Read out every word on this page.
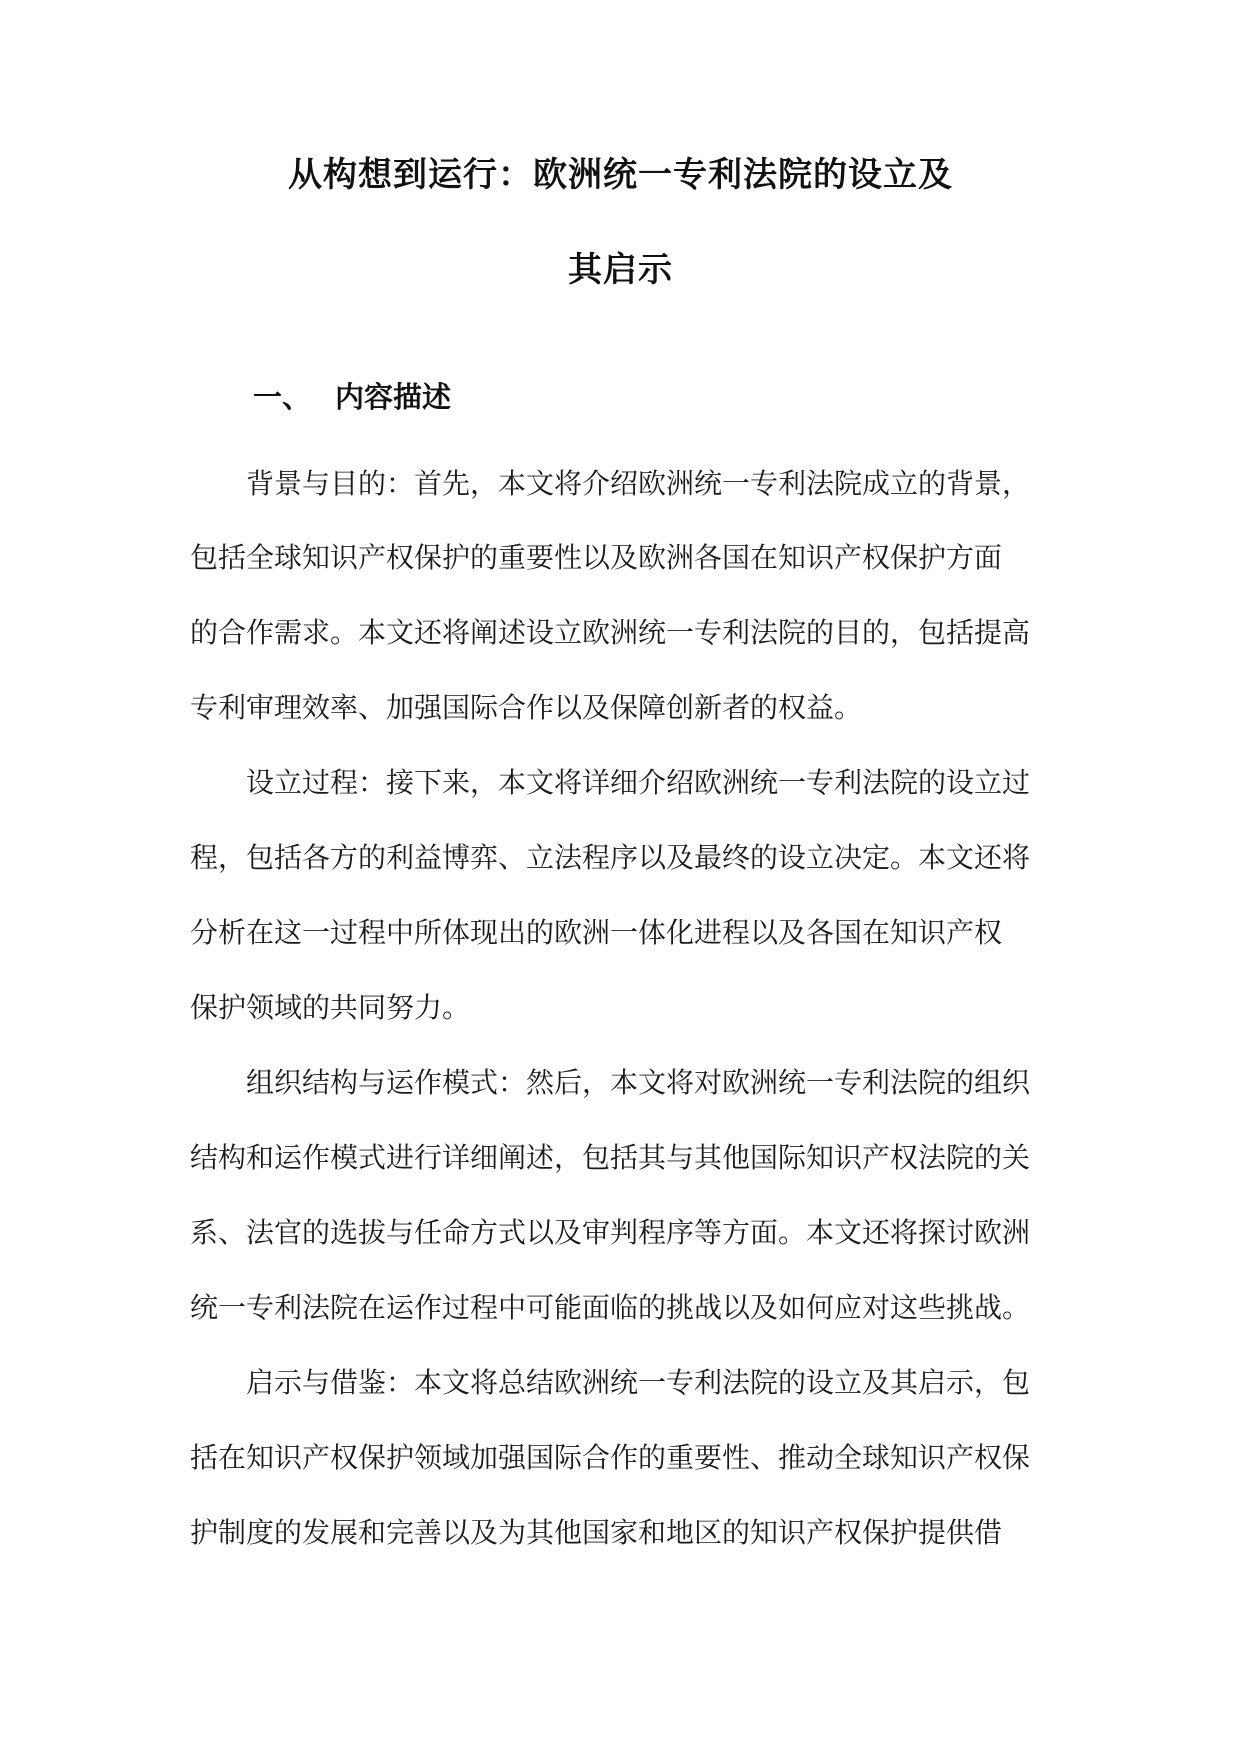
从构想到运行：欧洲统一专利法院的设立及
其启示
一、 内容描述
背景与目的：首先，本文将介绍欧洲统一专利法院成立的背景，
包括全球知识产权保护的重要性以及欧洲各国在知识产权保护方面
的合作需求。本文还将阐述设立欧洲统一专利法院的目的，包括提高
专利审理效率、加强国际合作以及保障创新者的权益。
设立过程：接下来，本文将详细介绍欧洲统一专利法院的设立过
程，包括各方的利益博弈、立法程序以及最终的设立决定。本文还将
分析在这一过程中所体现出的欧洲一体化进程以及各国在知识产权
保护领域的共同努力。
组织结构与运作模式：然后，本文将对欧洲统一专利法院的组织
结构和运作模式进行详细阐述，包括其与其他国际知识产权法院的关
系、法官的选拔与任命方式以及审判程序等方面。本文还将探讨欧洲
统一专利法院在运作过程中可能面临的挑战以及如何应对这些挑战。
启示与借鉴：本文将总结欧洲统一专利法院的设立及其启示，包
括在知识产权保护领域加强国际合作的重要性、推动全球知识产权保
护制度的发展和完善以及为其他国家和地区的知识产权保护提供借
